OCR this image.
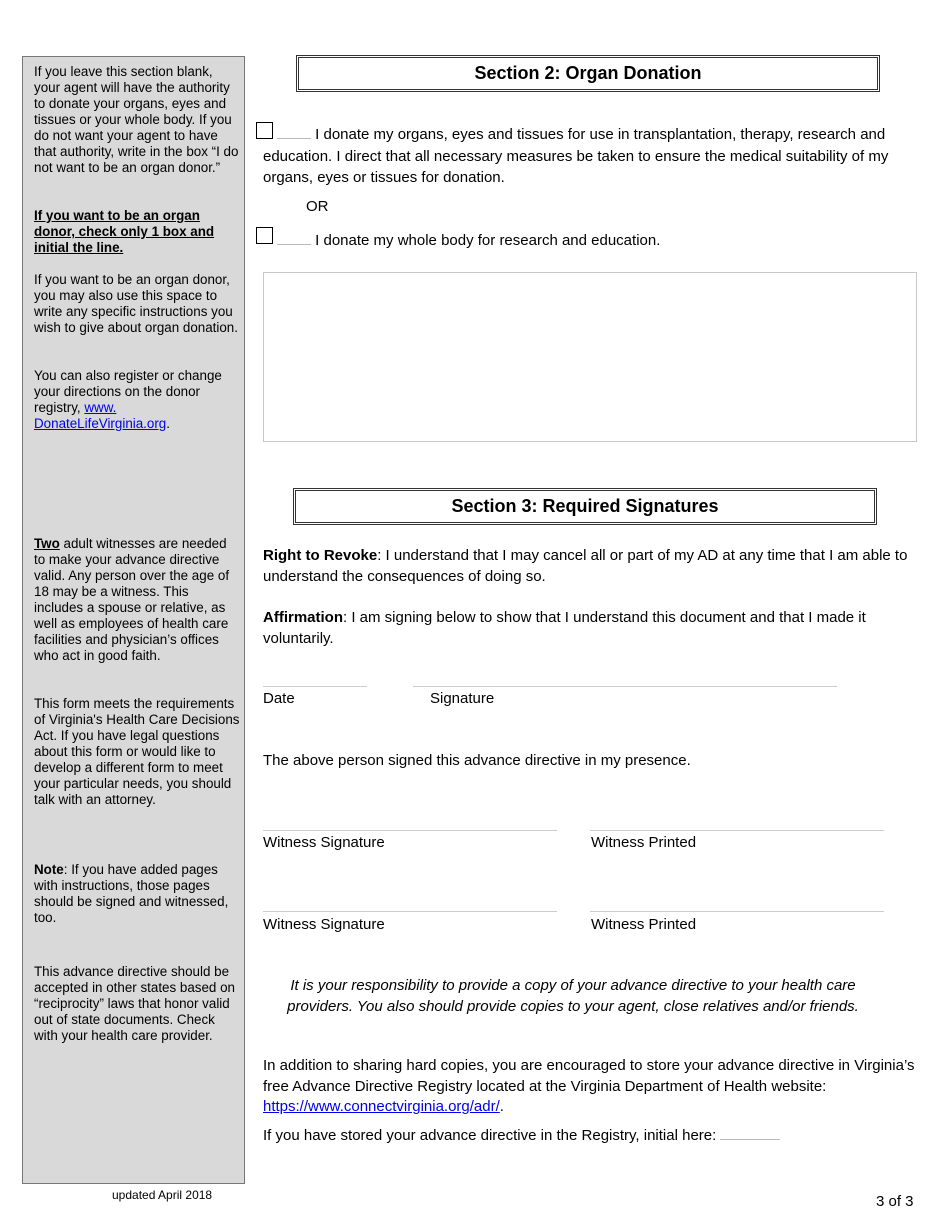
If you leave this section blank, your agent will have the authority to donate your organs, eyes and tissues or your whole body. If you do not want your agent to have that authority, write in the box “I do not want to be an organ donor.”

If you want to be an organ donor, check only 1 box and initial the line.

If you want to be an organ donor, you may also use this space to write any specific instructions you wish to give about organ donation.

You can also register or change your directions on the donor registry, www.
DonateLifeVirginia.org.

Two adult witnesses are needed to make your advance directive valid. Any person over the age of 18 may be a witness. This includes a spouse or relative, as well as employees of health care facilities and physician’s offices who act in good faith.

This form meets the requirements of Virginia's Health Care Decisions Act. If you have legal questions about this form or would like to develop a different form to meet your particular needs, you should talk with an attorney.

Note: If you have added pages with instructions, those pages should be signed and witnessed, too.

This advance directive should be accepted in other states based on “reciprocity” laws that honor valid out of state documents. Check with your health care provider.

Section 2: Organ Donation
I donate my organs, eyes and tissues for use in transplantation, therapy, research and education. I direct that all necessary measures be taken to ensure the medical suitability of my organs, eyes or tissues for donation.
OR
I donate my whole body for research and education.
Section 3: Required Signatures
Right to Revoke: I understand that I may cancel all or part of my AD at any time that I am able to understand the consequences of doing so.
Affirmation: I am signing below to show that I understand this document and that I made it voluntarily.
Date	Signature
The above person signed this advance directive in my presence.
Witness Signature	Witness Printed
Witness Signature	Witness Printed
It is your responsibility to provide a copy of your advance directive to your health care providers. You also should provide copies to your agent, close relatives and/or friends.
In addition to sharing hard copies, you are encouraged to store your advance directive in Virginia’s free Advance Directive Registry located at the Virginia Department of Health website: https://www.connectvirginia.org/adr/.
If you have stored your advance directive in the Registry, initial here:
updated April 2018	3 of 3
